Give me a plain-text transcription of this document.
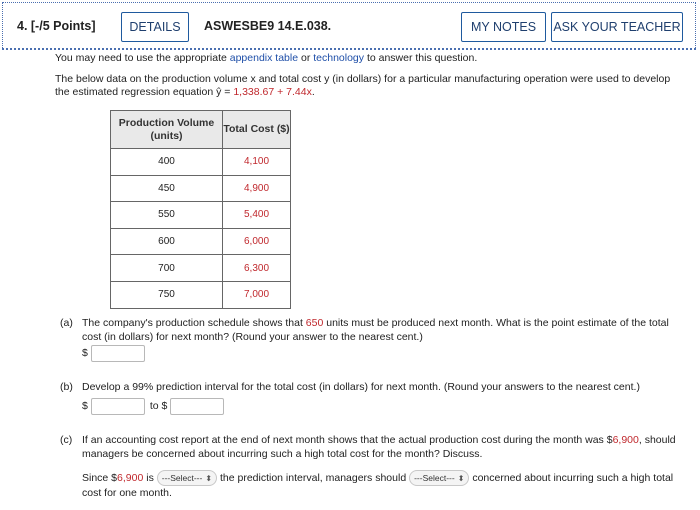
4. [-/5 Points]	DETAILS	ASWESBE9 14.E.038.	MY NOTES	ASK YOUR TEACHER
You may need to use the appropriate appendix table or technology to answer this question.
The below data on the production volume x and total cost y (in dollars) for a particular manufacturing operation were used to develop the estimated regression equation ŷ = 1,338.67 + 7.44x.
Production Volume (units)	Total Cost ($)
400	4,100
450	4,900
550	5,400
600	6,000
700	6,300
750	7,000
(a) The company's production schedule shows that 650 units must be produced next month. What is the point estimate of the total cost (in dollars) for next month? (Round your answer to the nearest cent.)
$
(b) Develop a 99% prediction interval for the total cost (in dollars) for next month. (Round your answers to the nearest cent.)
$	to $
(c) If an accounting cost report at the end of next month shows that the actual production cost during the month was $6,900, should managers be concerned about incurring such a high total cost for the month? Discuss.
Since $6,900 is ---Select--- ⬍ the prediction interval, managers should ---Select--- ⬍ concerned about incurring such a high total cost for one month.
